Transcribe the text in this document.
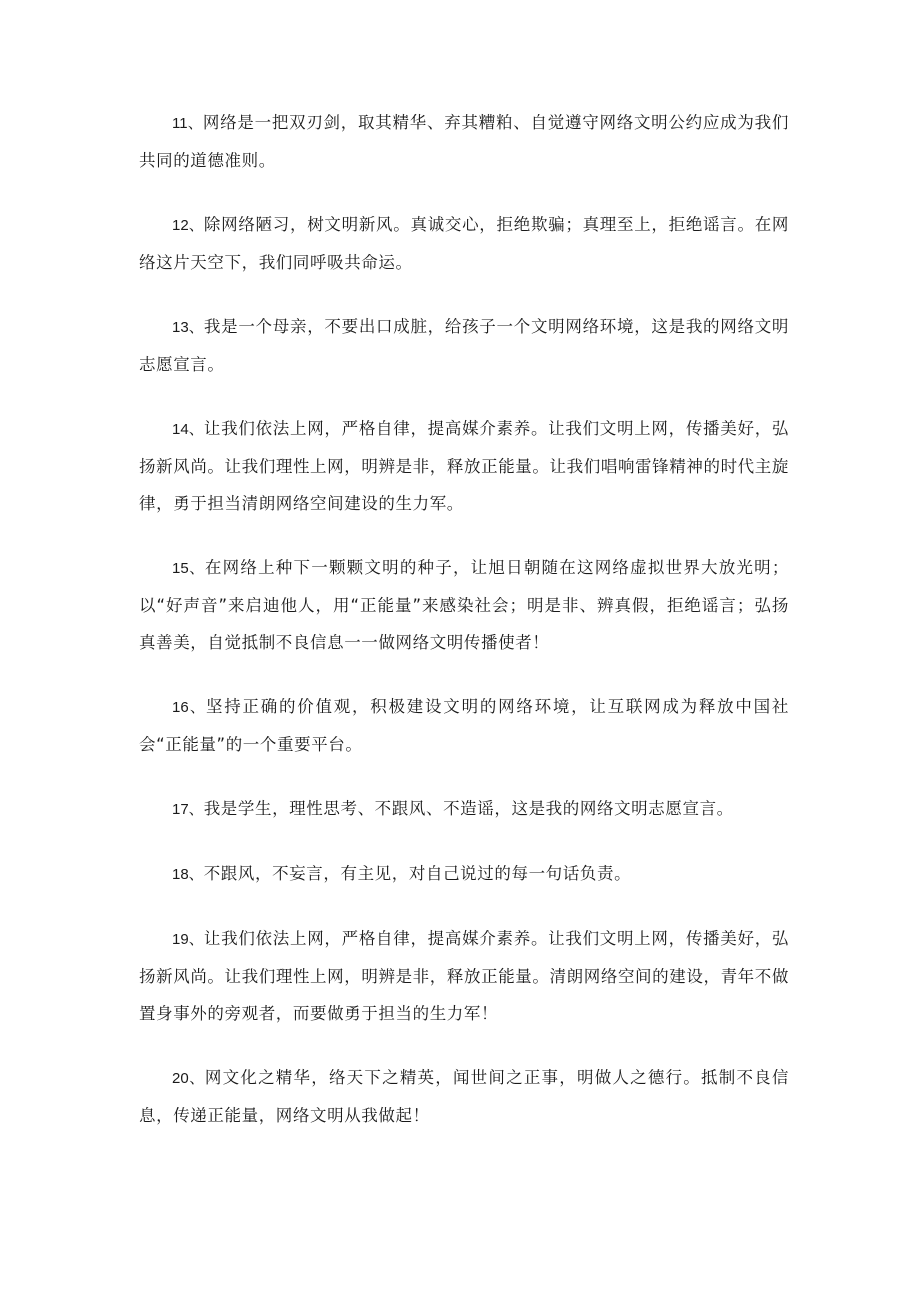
11、网络是一把双刃剑，取其精华、弃其糟粕、自觉遵守网络文明公约应成为我们共同的道德准则。

12、除网络陋习，树文明新风。真诚交心，拒绝欺骗；真理至上，拒绝谣言。在网络这片天空下，我们同呼吸共命运。

13、我是一个母亲，不要出口成脏，给孩子一个文明网络环境，这是我的网络文明志愿宣言。

14、让我们依法上网，严格自律，提高媒介素养。让我们文明上网，传播美好，弘扬新风尚。让我们理性上网，明辨是非，释放正能量。让我们唱响雷锋精神的时代主旋律，勇于担当清朗网络空间建设的生力军。

15、在网络上种下一颗颗文明的种子，让旭日朝随在这网络虚拟世界大放光明；以“好声音”来启迪他人，用“正能量”来感染社会；明是非、辨真假，拒绝谣言；弘扬真善美，自觉抵制不良信息一一做网络文明传播使者！

16、坚持正确的价值观，积极建设文明的网络环境，让互联网成为释放中国社会“正能量”的一个重要平台。

17、我是学生，理性思考、不跟风、不造谣，这是我的网络文明志愿宣言。

18、不跟风，不妄言，有主见，对自己说过的每一句话负责。

19、让我们依法上网，严格自律，提高媒介素养。让我们文明上网，传播美好，弘扬新风尚。让我们理性上网，明辨是非，释放正能量。清朗网络空间的建设，青年不做置身事外的旁观者，而要做勇于担当的生力军！

20、网文化之精华，络天下之精英，闻世间之正事，明做人之德行。抵制不良信息，传递正能量，网络文明从我做起！
